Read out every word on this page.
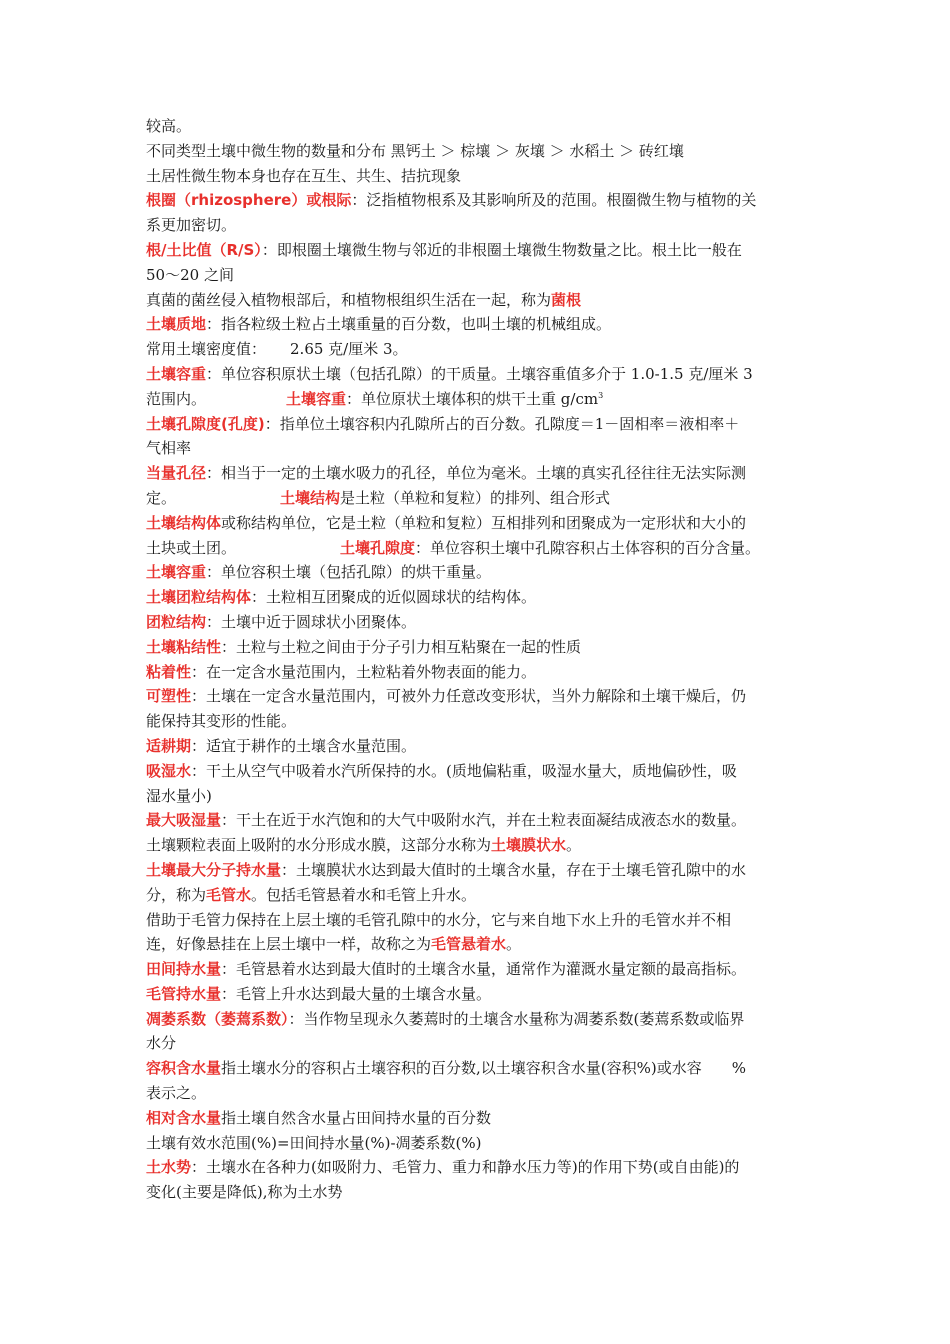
较高。
不同类型土壤中微生物的数量和分布 黑钙土 ＞ 棕壤 ＞ 灰壤 ＞ 水稻土 ＞ 砖红壤
土居性微生物本身也存在互生、共生、拮抗现象
根圈（rhizosphere）或根际：泛指植物根系及其影响所及的范围。根圈微生物与植物的关
系更加密切。
根/土比值（R/S）：即根圈土壤微生物与邻近的非根圈土壤微生物数量之比。根土比一般在
50～20 之间
真菌的菌丝侵入植物根部后，和植物根组织生活在一起，称为菌根
土壤质地：指各粒级土粒占土壤重量的百分数，也叫土壤的机械组成。
常用土壤密度值： 2.65 克/厘米 3。
土壤容重：单位容积原状土壤（包括孔隙）的干质量。土壤容重值多介于 1.0-1.5 克/厘米 3
范围内。	土壤容重：单位原状土壤体积的烘干土重 $g/cm^3$
土壤孔隙度(孔度)：指单位土壤容积内孔隙所占的百分数。孔隙度＝1－固相率＝液相率＋
气相率
当量孔径：相当于一定的土壤水吸力的孔径，单位为毫米。土壤的真实孔径往往无法实际测
定。	土壤结构是土粒（单粒和复粒）的排列、组合形式
土壤结构体或称结构单位，它是土粒（单粒和复粒）互相排列和团聚成为一定形状和大小的
土块或土团。	土壤孔隙度：单位容积土壤中孔隙容积占土体容积的百分含量。
土壤容重：单位容积土壤（包括孔隙）的烘干重量。
土壤团粒结构体：土粒相互团聚成的近似圆球状的结构体。
团粒结构：土壤中近于圆球状小团聚体。
土壤粘结性：土粒与土粒之间由于分子引力相互粘聚在一起的性质
粘着性：在一定含水量范围内，土粒粘着外物表面的能力。
可塑性：土壤在一定含水量范围内，可被外力任意改变形状，当外力解除和土壤干燥后，仍
能保持其变形的性能。
适耕期：适宜于耕作的土壤含水量范围。
吸湿水：干土从空气中吸着水汽所保持的水。(质地偏粘重，吸湿水量大，质地偏砂性，吸
湿水量小)
最大吸湿量：干土在近于水汽饱和的大气中吸附水汽，并在土粒表面凝结成液态水的数量。
土壤颗粒表面上吸附的水分形成水膜，这部分水称为土壤膜状水。
土壤最大分子持水量：土壤膜状水达到最大值时的土壤含水量，存在于土壤毛管孔隙中的水
分，称为毛管水。包括毛管悬着水和毛管上升水。
借助于毛管力保持在上层土壤的毛管孔隙中的水分，它与来自地下水上升的毛管水并不相
连，好像悬挂在上层土壤中一样，故称之为毛管悬着水。
田间持水量：毛管悬着水达到最大值时的土壤含水量，通常作为灌溉水量定额的最高指标。
毛管持水量：毛管上升水达到最大量的土壤含水量。
凋萎系数（萎蔫系数）：当作物呈现永久萎蔫时的土壤含水量称为凋萎系数(萎蔫系数或临界
水分
容积含水量指土壤水分的容积占土壤容积的百分数,以土壤容积含水量(容积%)或水容 %
表示之。
相对含水量指土壤自然含水量占田间持水量的百分数
土壤有效水范围(%)=田间持水量(%)-凋萎系数(%)
土水势：土壤水在各种力(如吸附力、毛管力、重力和静水压力等)的作用下势(或自由能)的
变化(主要是降低),称为土水势
